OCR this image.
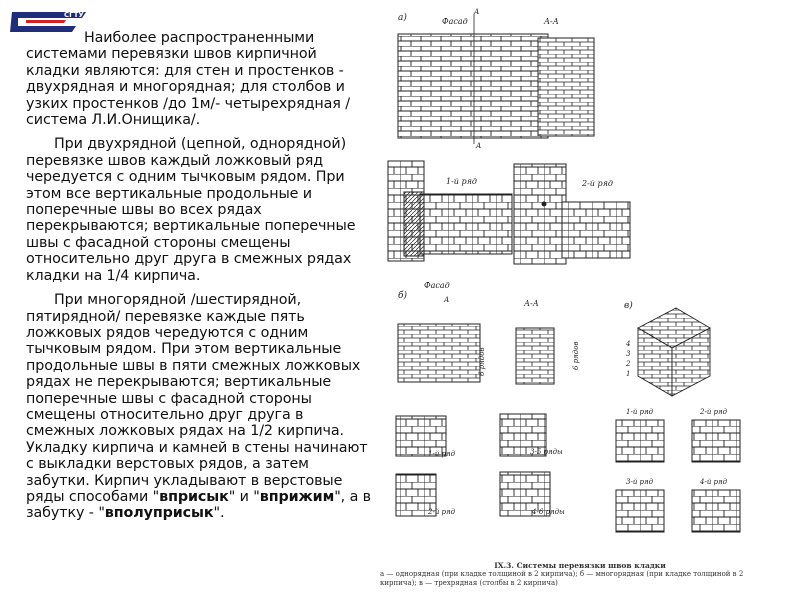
СГТУ

Наиболее распространенными системами перевязки швов кирпичной кладки являются: для стен и простенков - двухрядная и многорядная; для столбов и узких простенков /до 1м/- четырехрядная /система Л.И.Онищика/.

При двухрядной (цепной, однорядной) перевязке швов каждый ложковый ряд чередуется с одним тычковым рядом. При этом все вертикальные продольные и поперечные швы во всех рядах перекрываются; вертикальные поперечные швы с фасадной стороны смещены относительно друг друга в смежных рядах кладки на 1/4 кирпича.

При многорядной /шестирядной, пятирядной/ перевязке каждые пять ложковых рядов чередуются с одним тычковым рядом. При этом вертикальные продольные швы в пяти смежных ложковых рядах не перекрываются; вертикальные поперечные швы с фасадной стороны смещены относительно друг друга в смежных ложковых рядах на 1/2 кирпича. Укладку кирпича и камней в стены начинают с выкладки верстовых рядов, а затем забутки. Кирпич укладывают в верстовые ряды способами "вприсык" и "вприжим", а в забутку - "вполуприсык".

а)	Фасад
А
А
А-А
1-й ряд	2-й ряд
б)
Фасад
А
6 рядов
А-А
6 рядов
в)
4
3
2
1
1-й ряд	3-5 ряды
2-й ряд	4-6 ряды
1-й ряд	2-й ряд
3-й ряд	4-й ряд
IX.3. Системы перевязки швов кладки
а — однорядная (при кладке толщиной в 2 кирпича); б — многорядная (при кладке толщиной в 2 кирпича); в — трехрядная (столбы в 2 кирпича)
